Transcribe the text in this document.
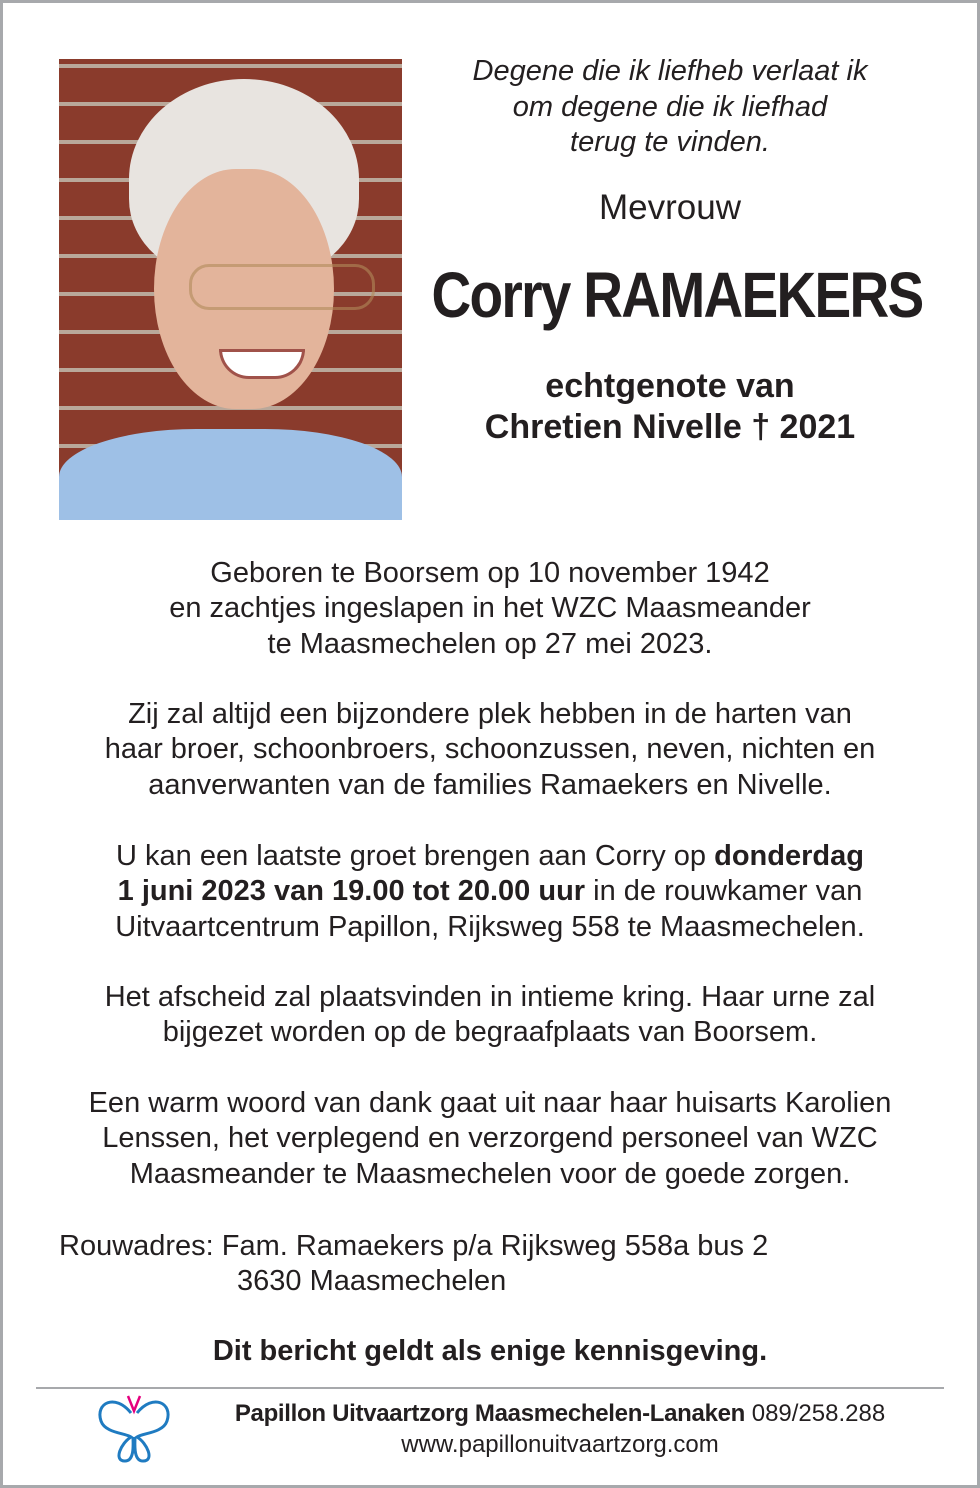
Degene die ik liefheb verlaat ik
om degene die ik liefhad
terug te vinden.
Mevrouw
Corry RAMAEKERS
echtgenote van
Chretien Nivelle † 2021

Geboren te Boorsem op 10 november 1942

en zachtjes ingeslapen in het WZC Maasmeander

te Maasmechelen op 27 mei 2023.

Zij zal altijd een bijzondere plek hebben in de harten van

haar broer, schoonbroers, schoonzussen, neven, nichten en

aanverwanten van de families Ramaekers en Nivelle.

U kan een laatste groet brengen aan Corry op donderdag

1 juni 2023 van 19.00 tot 20.00 uur in de rouwkamer van

Uitvaartcentrum Papillon, Rijksweg 558 te Maasmechelen.

Het afscheid zal plaatsvinden in intieme kring. Haar urne zal

bijgezet worden op de begraafplaats van Boorsem.

Een warm woord van dank gaat uit naar haar huisarts Karolien

Lenssen, het verplegend en verzorgend personeel van WZC

Maasmeander te Maasmechelen voor de goede zorgen.

Rouwadres: Fam. Ramaekers p/a Rijksweg 558a bus 2
3630 Maasmechelen
Dit bericht geldt als enige kennisgeving.
Papillon Uitvaartzorg Maasmechelen-Lanaken 089/258.288
www.papillonuitvaartzorg.com
